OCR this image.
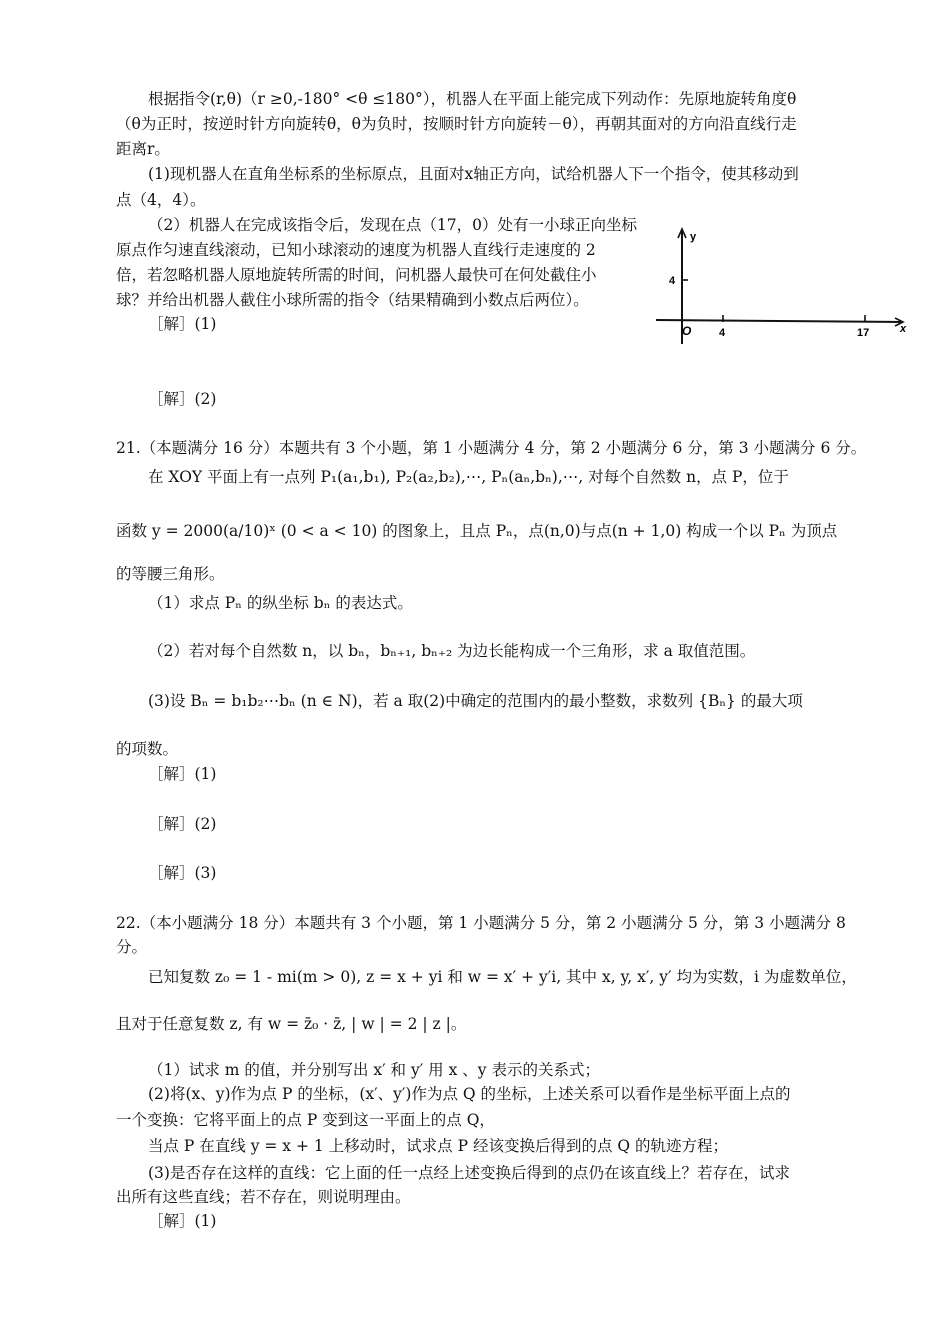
根据指令(r,θ)（r ≥0,-180° <θ ≤180°），机器人在平面上能完成下列动作：先原地旋转角度θ
（θ为正时，按逆时针方向旋转θ，θ为负时，按顺时针方向旋转－θ），再朝其面对的方向沿直线行走
距离r。
(1)现机器人在直角坐标系的坐标原点，且面对x轴正方向，试给机器人下一个指令，使其移动到
点（4，4）。
（2）机器人在完成该指令后，发现在点（17，0）处有一小球正向坐标
原点作匀速直线滚动，已知小球滚动的速度为机器人直线行走速度的 2
倍，若忽略机器人原地旋转所需的时间，问机器人最快可在何处截住小
球？并给出机器人截住小球所需的指令（结果精确到小数点后两位）。
［解］(1)
［解］(2)
y
x
O	4	17
4
21.（本题满分 16 分）本题共有 3 个小题，第 1 小题满分 4 分，第 2 小题满分 6 分，第 3 小题满分 6 分。
在 XOY 平面上有一点列 P₁(a₁,b₁), P₂(a₂,b₂),⋯, Pₙ(aₙ,bₙ),⋯, 对每个自然数 n，点 P，位于
函数 y = 2000(a/10)ˣ (0 < a < 10) 的图象上，且点 Pₙ，点(n,0)与点(n + 1,0) 构成一个以 Pₙ 为顶点
的等腰三角形。
（1）求点 Pₙ 的纵坐标 bₙ 的表达式。
（2）若对每个自然数 n，以 bₙ，bₙ₊₁, bₙ₊₂ 为边长能构成一个三角形，求 a 取值范围。
(3)设 Bₙ = b₁b₂⋯bₙ (n ∈ N)，若 a 取(2)中确定的范围内的最小整数，求数列 {Bₙ} 的最大项
的项数。
［解］(1)
［解］(2)
［解］(3)
22.（本小题满分 18 分）本题共有 3 个小题，第 1 小题满分 5 分，第 2 小题满分 5 分，第 3 小题满分 8
分。
已知复数 z₀ = 1 - mi(m > 0), z = x + yi 和 w = x′ + y′i, 其中 x, y, x′, y′ 均为实数，i 为虚数单位，
且对于任意复数 z, 有 w = z̄₀ · z̄, | w | = 2 | z |。
（1）试求 m 的值，并分别写出 x′ 和 y′ 用 x 、y 表示的关系式；
(2)将(x、y)作为点 P 的坐标，(x′、y′)作为点 Q 的坐标，上述关系可以看作是坐标平面上点的
一个变换：它将平面上的点 P 变到这一平面上的点 Q，
当点 P 在直线 y = x + 1 上移动时，试求点 P 经该变换后得到的点 Q 的轨迹方程；
(3)是否存在这样的直线：它上面的任一点经上述变换后得到的点仍在该直线上？若存在，试求
出所有这些直线；若不存在，则说明理由。
［解］(1)
